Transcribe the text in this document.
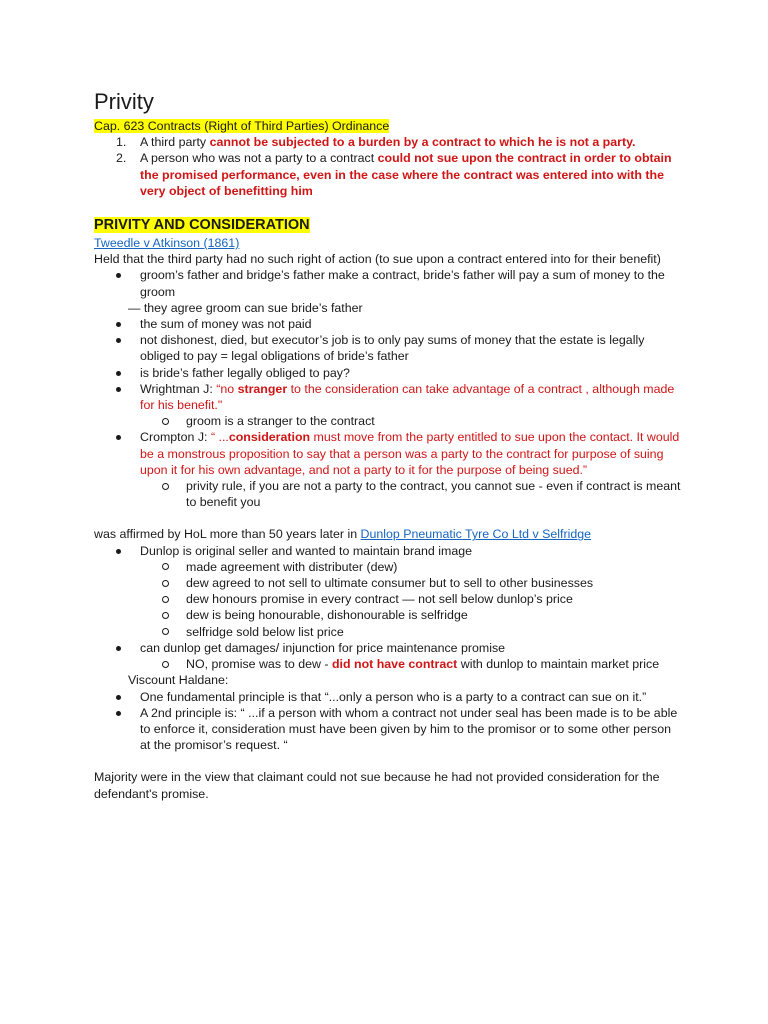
Privity

Cap. 623 Contracts (Right of Third Parties) Ordinance

1. A third party cannot be subjected to a burden by a contract to which he is not a party.

2. A person who was not a party to a contract could not sue upon the contract in order to obtain the promised performance, even in the case where the contract was entered into with the very object of benefitting him

PRIVITY AND CONSIDERATION

Tweedle v Atkinson (1861)

Held that the third party had no such right of action (to sue upon a contract entered into for their benefit)

groom’s father and bridge’s father make a contract, bride’s father will pay a sum of money to the groom

— they agree groom can sue bride’s father

the sum of money was not paid

not dishonest, died, but executor’s job is to only pay sums of money that the estate is legally obliged to pay = legal obligations of bride’s father

is bride’s father legally obliged to pay?

Wrightman J: “no stranger to the consideration can take advantage of a contract , although made for his benefit."

groom is a stranger to the contract

Crompton J: “ ...consideration must move from the party entitled to sue upon the contact. It would be a monstrous proposition to say that a person was a party to the contract for purpose of suing upon it for his own advantage, and not a party to it for the purpose of being sued.”

privity rule, if you are not a party to the contract, you cannot sue - even if contract is meant to benefit you

was affirmed by HoL more than 50 years later in Dunlop Pneumatic Tyre Co Ltd v Selfridge

Dunlop is original seller and wanted to maintain brand image

made agreement with distributer (dew)

dew agreed to not sell to ultimate consumer but to sell to other businesses

dew honours promise in every contract — not sell below dunlop’s price

dew is being honourable, dishonourable is selfridge

selfridge sold below list price

can dunlop get damages/ injunction for price maintenance promise

NO, promise was to dew - did not have contract with dunlop to maintain market price

Viscount Haldane:

One fundamental principle is that “...only a person who is a party to a contract can sue on it.”

A 2nd principle is: “ ...if a person with whom a contract not under seal has been made is to be able to enforce it, consideration must have been given by him to the promisor or to some other person at the promisor’s request. “

Majority were in the view that claimant could not sue because he had not provided consideration for the defendant's promise.
